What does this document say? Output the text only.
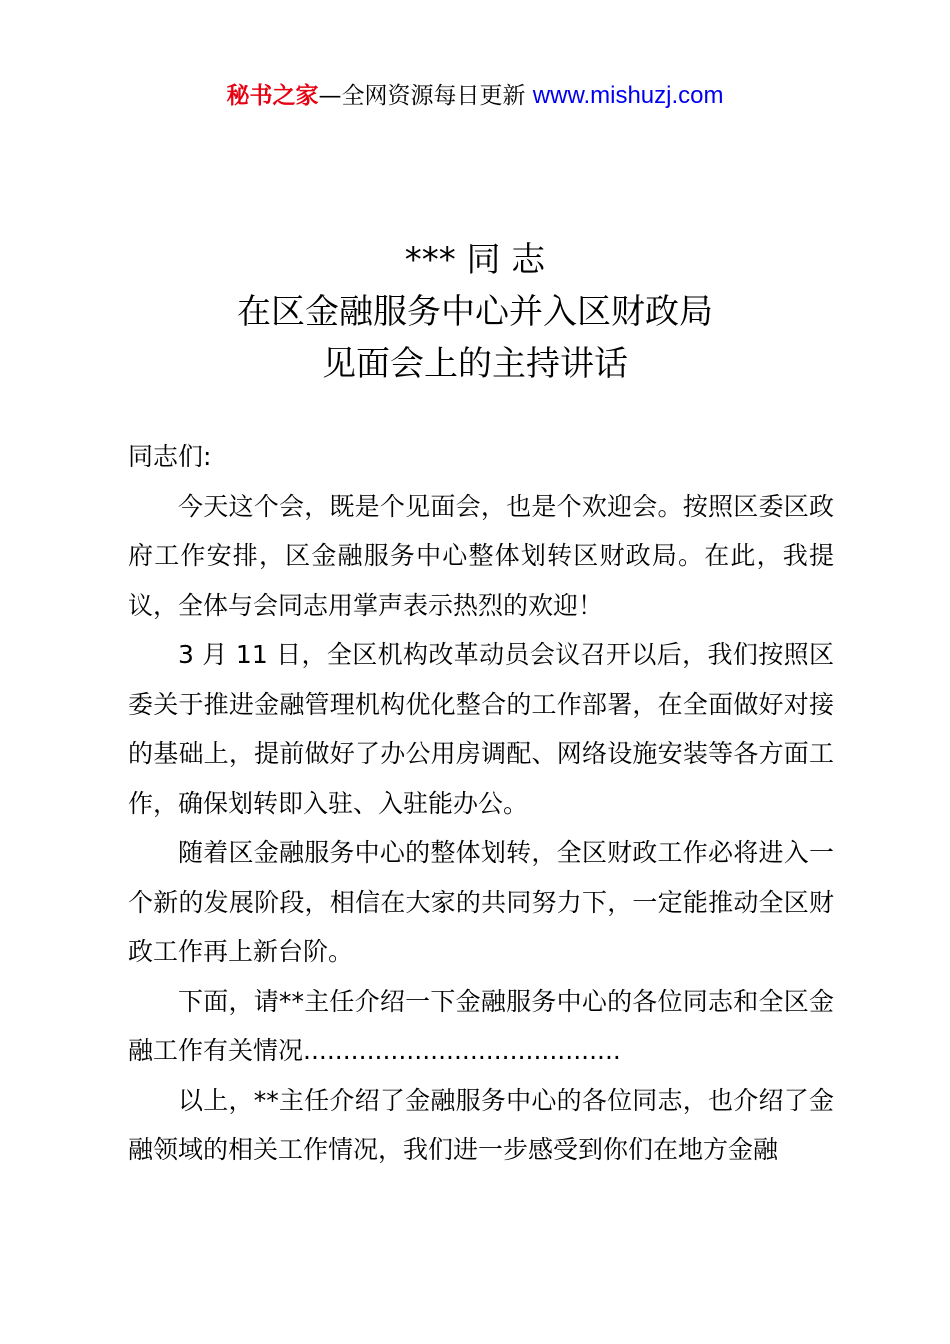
秘书之家—全网资源每日更新 www.mishuzj.com
*** 同 志
在区金融服务中心并入区财政局
见面会上的主持讲话

同志们:

今天这个会，既是个见面会，也是个欢迎会。按照区委区政府工作安排，区金融服务中心整体划转区财政局。在此，我提议，全体与会同志用掌声表示热烈的欢迎！

3 月 11 日，全区机构改革动员会议召开以后，我们按照区委关于推进金融管理机构优化整合的工作部署，在全面做好对接的基础上，提前做好了办公用房调配、网络设施安装等各方面工作，确保划转即入驻、入驻能办公。

随着区金融服务中心的整体划转，全区财政工作必将进入一个新的发展阶段，相信在大家的共同努力下，一定能推动全区财政工作再上新台阶。

下面，请**主任介绍一下金融服务中心的各位同志和全区金融工作有关情况........................................

以上，**主任介绍了金融服务中心的各位同志，也介绍了金融领域的相关工作情况，我们进一步感受到你们在地方金融
